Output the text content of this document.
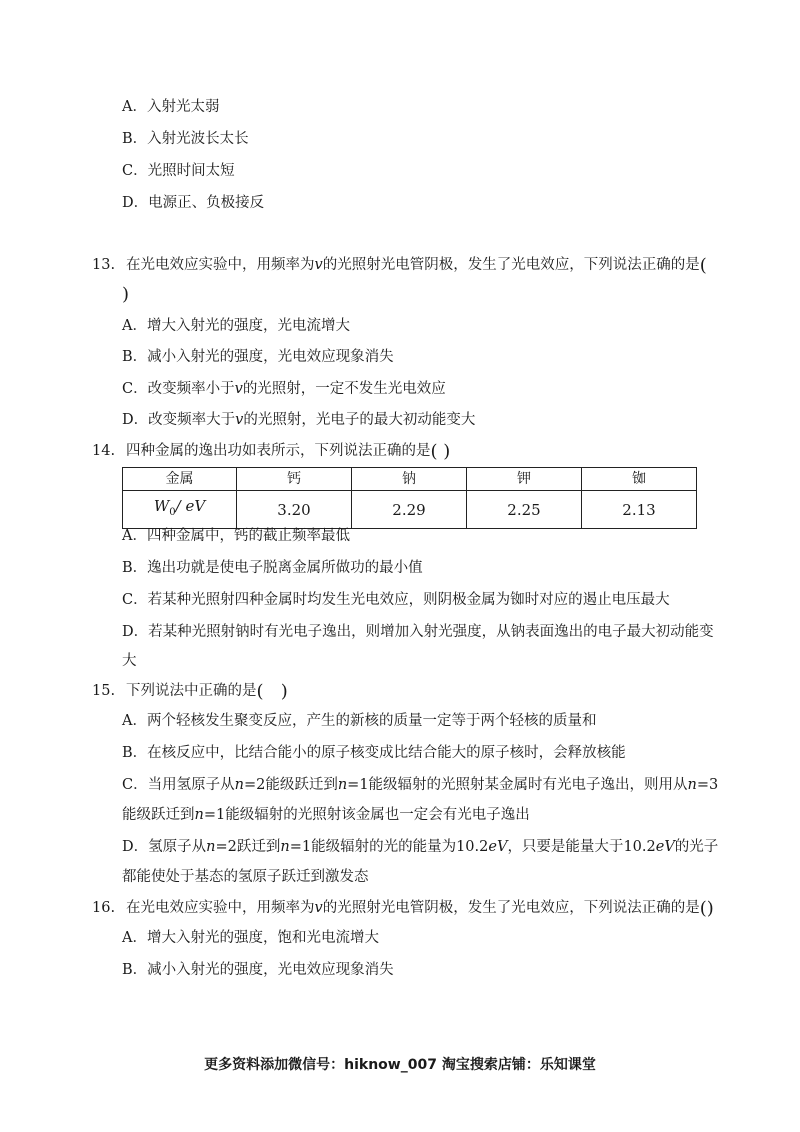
A．入射光太弱
B．入射光波长太长
C．光照时间太短
D．电源正、负极接反
13. 在光电效应实验中，用频率为v的光照射光电管阴极，发生了光电效应，下列说法正确的是(
)
A．增大入射光的强度，光电流增大
B．减小入射光的强度，光电效应现象消失
C．改变频率小于v的光照射，一定不发生光电效应
D．改变频率大于v的光照射，光电子的最大初动能变大
14. 四种金属的逸出功如表所示，下列说法正确的是( )
金属	钙	钠	钾	铷
$W_0/$ eV	3.20	2.29	2.25	2.13
A．四种金属中，钙的截止频率最低
B．逸出功就是使电子脱离金属所做功的最小值
C．若某种光照射四种金属时均发生光电效应，则阴极金属为铷时对应的遏止电压最大
D．若某种光照射钠时有光电子逸出，则增加入射光强度，从钠表面逸出的电子最大初动能变
大
15. 下列说法中正确的是(   )
A．两个轻核发生聚变反应，产生的新核的质量一定等于两个轻核的质量和
B．在核反应中，比结合能小的原子核变成比结合能大的原子核时，会释放核能
C．当用氢原子从n=2能级跃迁到n=1能级辐射的光照射某金属时有光电子逸出，则用从n=3
能级跃迁到n=1能级辐射的光照射该金属也一定会有光电子逸出
D．氢原子从n=2跃迁到n=1能级辐射的光的能量为10.2eV，只要是能量大于10.2eV的光子
都能使处于基态的氢原子跃迁到激发态
16. 在光电效应实验中，用频率为v的光照射光电管阴极，发生了光电效应，下列说法正确的是()
A．增大入射光的强度，饱和光电流增大
B．减小入射光的强度，光电效应现象消失
更多资料添加微信号：hiknow_007 淘宝搜索店铺：乐知课堂
